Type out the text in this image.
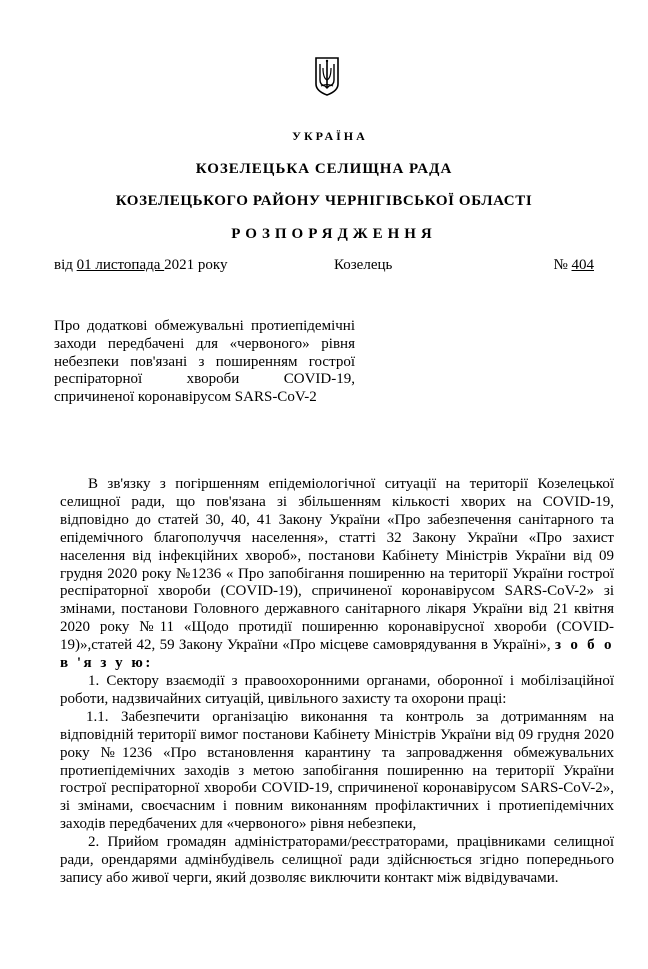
УКРАЇНА
КОЗЕЛЕЦЬКА СЕЛИЩНА РАДА
КОЗЕЛЕЦЬКОГО РАЙОНУ ЧЕРНІГІВСЬКОЇ ОБЛАСТІ
РОЗПОРЯДЖЕННЯ
від 01 листопада 2021 року	Козелець	№ 404
Про додаткові обмежувальні протиепідемічні заходи передбачені для «червоного» рівня небезпеки пов'язані з поширенням гострої респіраторної хвороби COVID-19, спричиненої коронавірусом SARS-CoV-2

В зв'язку з погіршенням епідеміологічної ситуації на території Козелецької селищної ради, що пов'язана зі збільшенням кількості хворих на COVID-19, відповідно до статей 30, 40, 41 Закону України «Про забезпечення санітарного та епідемічного благополуччя населення», статті 32 Закону України «Про захист населення від інфекційних хвороб», постанови Кабінету Міністрів України від 09 грудня 2020 року №1236 « Про запобігання поширенню на території України гострої респіраторної хвороби (COVID-19), спричиненої коронавірусом SARS-CoV-2» зі змінами, постанови Головного державного санітарного лікаря України від 21 квітня 2020 року №11 «Щодо протидії поширенню коронавірусної хвороби (COVID-19)»,статей 42, 59 Закону України «Про місцеве самоврядування в Україні», з о б о в 'я з у ю:

1. Сектору взаємодії з правоохоронними органами, оборонної і мобілізаційної роботи, надзвичайних ситуацій, цивільного захисту та охорони праці:

1.1. Забезпечити організацію виконання та контроль за дотриманням на відповідній території вимог постанови Кабінету Міністрів України від 09 грудня 2020 року №1236 «Про встановлення карантину та запровадження обмежувальних протиепідемічних заходів з метою запобігання поширенню на території України гострої респіраторної хвороби COVID-19, спричиненої коронавірусом SARS-CoV-2», зі змінами, своєчасним і повним виконанням профілактичних і протиепідемічних заходів передбачених для «червоного» рівня небезпеки,

2. Прийом громадян адміністраторами/реєстраторами, працівниками селищної ради, орендарями адмінбудівель селищної ради здійснюється згідно попереднього запису або живої черги, який дозволяє виключити контакт між відвідувачами.
